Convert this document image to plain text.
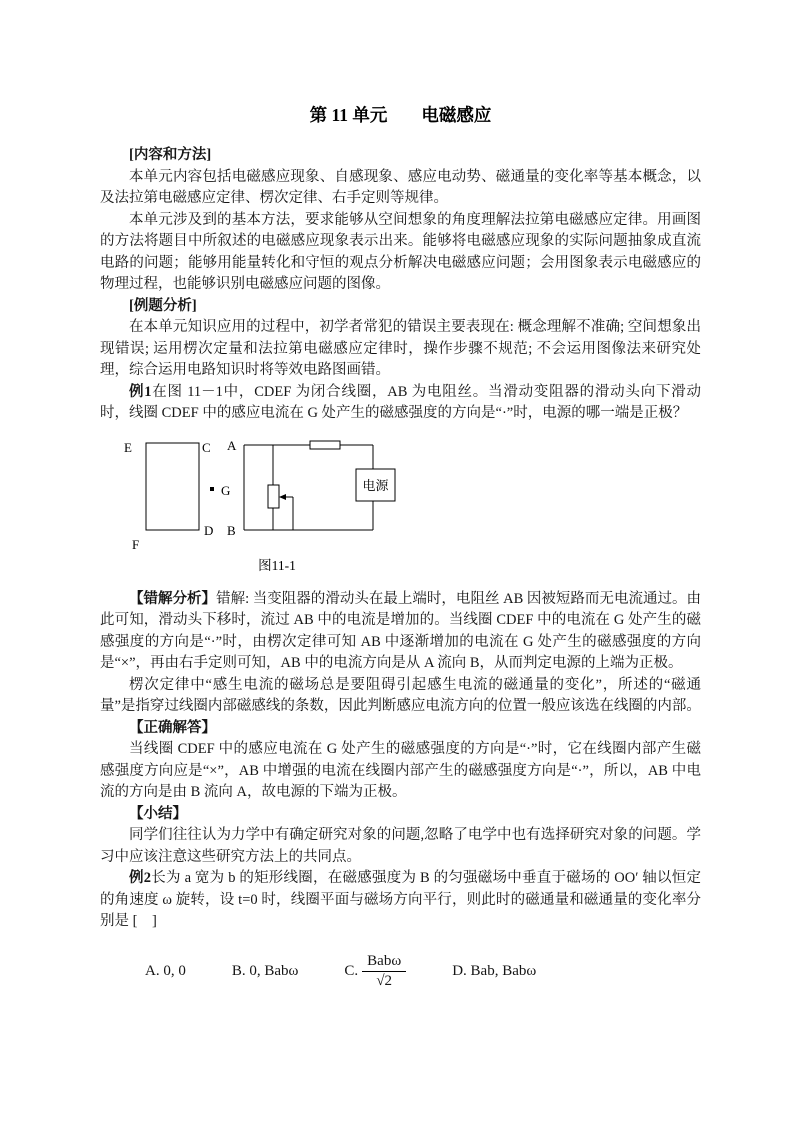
第 11 单元 电磁感应
[内容和方法]

本单元内容包括电磁感应现象、自感现象、感应电动势、磁通量的变化率等基本概念，以及法拉第电磁感应定律、楞次定律、右手定则等规律。

本单元涉及到的基本方法，要求能够从空间想象的角度理解法拉第电磁感应定律。用画图的方法将题目中所叙述的电磁感应现象表示出来。能够将电磁感应现象的实际问题抽象成直流电路的问题；能够用能量转化和守恒的观点分析解决电磁感应问题；会用图象表示电磁感应的物理过程，也能够识别电磁感应问题的图像。

[例题分析]

在本单元知识应用的过程中，初学者常犯的错误主要表现在: 概念理解不准确; 空间想象出现错误; 运用楞次定量和法拉第电磁感应定律时，操作步骤不规范; 不会运用图像法来研究处理，综合运用电路知识时将等效电路图画错。

例1在图 11－1中，CDEF 为闭合线圈，AB 为电阻丝。当滑动变阻器的滑动头向下滑动时，线圈 CDEF 中的感应电流在 G 处产生的磁感强度的方向是“·”时，电源的哪一端是正极？

E	C
D
F
G
A
B
电源
图11-1

【错解分析】错解: 当变阻器的滑动头在最上端时，电阻丝 AB 因被短路而无电流通过。由此可知，滑动头下移时，流过 AB 中的电流是增加的。当线圈 CDEF 中的电流在 G 处产生的磁感强度的方向是“·”时，由楞次定律可知 AB 中逐渐增加的电流在 G 处产生的磁感强度的方向是“×”，再由右手定则可知，AB 中的电流方向是从 A 流向 B，从而判定电源的上端为正极。

楞次定律中“感生电流的磁场总是要阻碍引起感生电流的磁通量的变化”，所述的“磁通量”是指穿过线圈内部磁感线的条数，因此判断感应电流方向的位置一般应该选在线圈的内部。

【正确解答】

当线圈 CDEF 中的感应电流在 G 处产生的磁感强度的方向是“·”时，它在线圈内部产生磁感强度方向应是“×”，AB 中增强的电流在线圈内部产生的磁感强度方向是“·”，所以，AB 中电流的方向是由 B 流向 A，故电源的下端为正极。

【小结】

同学们往往认为力学中有确定研究对象的问题,忽略了电学中也有选择研究对象的问题。学习中应该注意这些研究方法上的共同点。

例2长为 a 宽为 b 的矩形线圈，在磁感强度为 B 的匀强磁场中垂直于磁场的 OO′ 轴以恒定的角速度 ω 旋转，设 t=0 时，线圈平面与磁场方向平行，则此时的磁通量和磁通量的变化率分别是 [　]

A. 0, 0	B. 0, Babω	C. $\frac{\text{Babω}}{√2}$	D. Bab, Babω
